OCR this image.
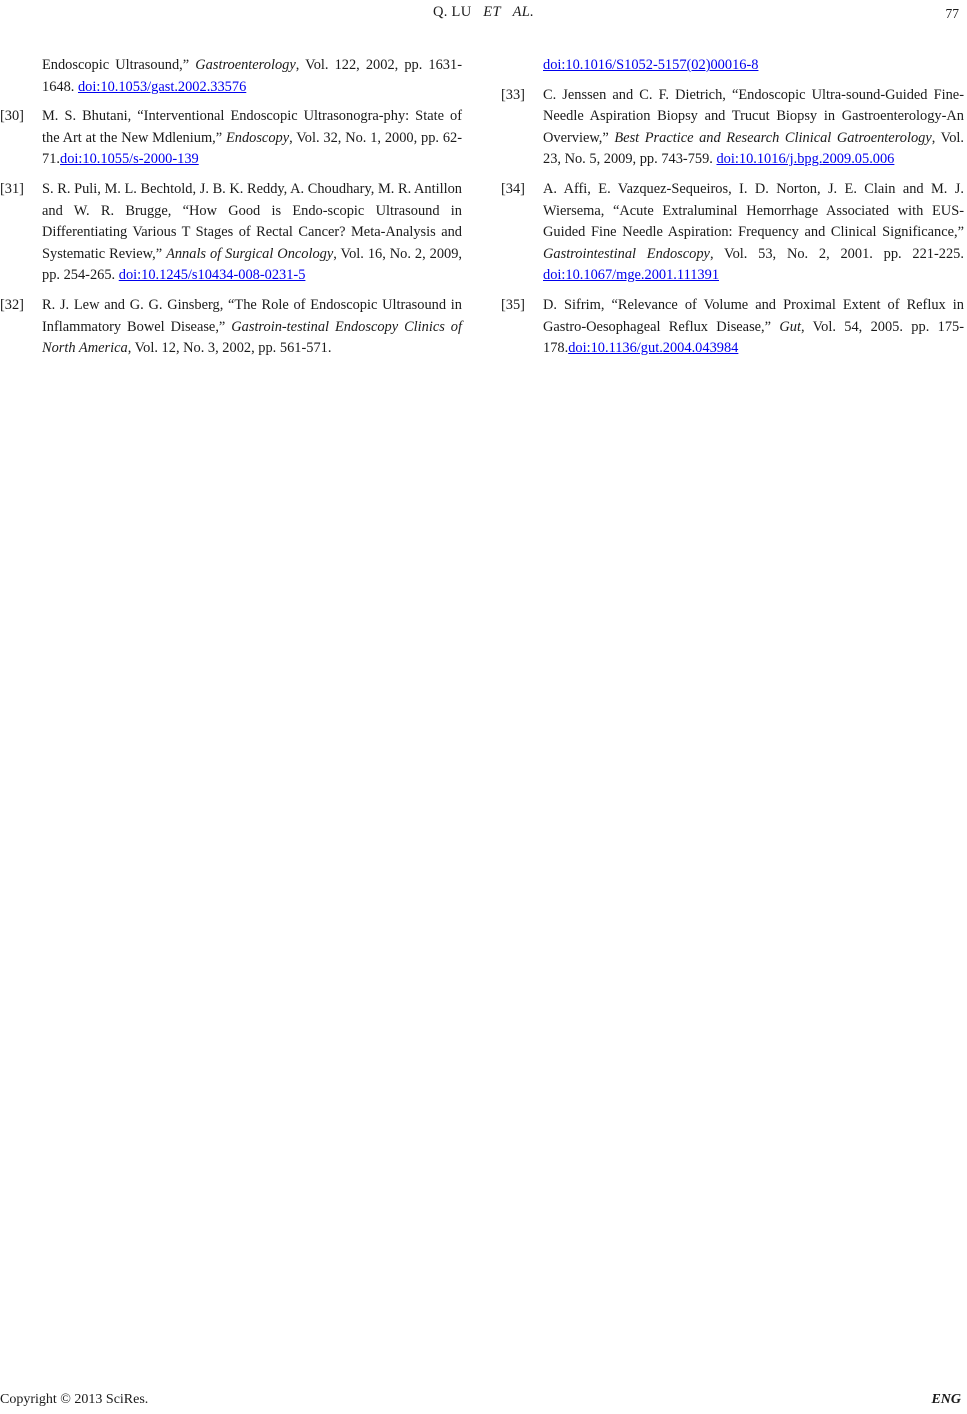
Q. LU ET AL.	77
Endoscopic Ultrasound,” Gastroenterology, Vol. 122, 2002, pp. 1631-1648. doi:10.1053/gast.2002.33576
[30] M. S. Bhutani, “Interventional Endoscopic Ultrasonogra-phy: State of the Art at the New Mdlenium,” Endoscopy, Vol. 32, No. 1, 2000, pp. 62-71.doi:10.1055/s-2000-139
[31] S. R. Puli, M. L. Bechtold, J. B. K. Reddy, A. Choudhary, M. R. Antillon and W. R. Brugge, “How Good is Endo-scopic Ultrasound in Differentiating Various T Stages of Rectal Cancer? Meta-Analysis and Systematic Review,” Annals of Surgical Oncology, Vol. 16, No. 2, 2009, pp. 254-265. doi:10.1245/s10434-008-0231-5
[32] R. J. Lew and G. G. Ginsberg, “The Role of Endoscopic Ultrasound in Inflammatory Bowel Disease,” Gastroin-testinal Endoscopy Clinics of North America, Vol. 12, No. 3, 2002, pp. 561-571.
doi:10.1016/S1052-5157(02)00016-8
[33] C. Jenssen and C. F. Dietrich, “Endoscopic Ultra-sound-Guided Fine-Needle Aspiration Biopsy and Trucut Biopsy in Gastroenterology-An Overview,” Best Practice and Research Clinical Gatroenterology, Vol. 23, No. 5, 2009, pp. 743-759. doi:10.1016/j.bpg.2009.05.006
[34] A. Affi, E. Vazquez-Sequeiros, I. D. Norton, J. E. Clain and M. J. Wiersema, “Acute Extraluminal Hemorrhage Associated with EUS-Guided Fine Needle Aspiration: Frequency and Clinical Significance,” Gastrointestinal Endoscopy, Vol. 53, No. 2, 2001. pp. 221-225. doi:10.1067/mge.2001.111391
[35] D. Sifrim, “Relevance of Volume and Proximal Extent of Reflux in Gastro-Oesophageal Reflux Disease,” Gut, Vol. 54, 2005. pp. 175-178.doi:10.1136/gut.2004.043984
Copyright © 2013 SciRes.	ENG
